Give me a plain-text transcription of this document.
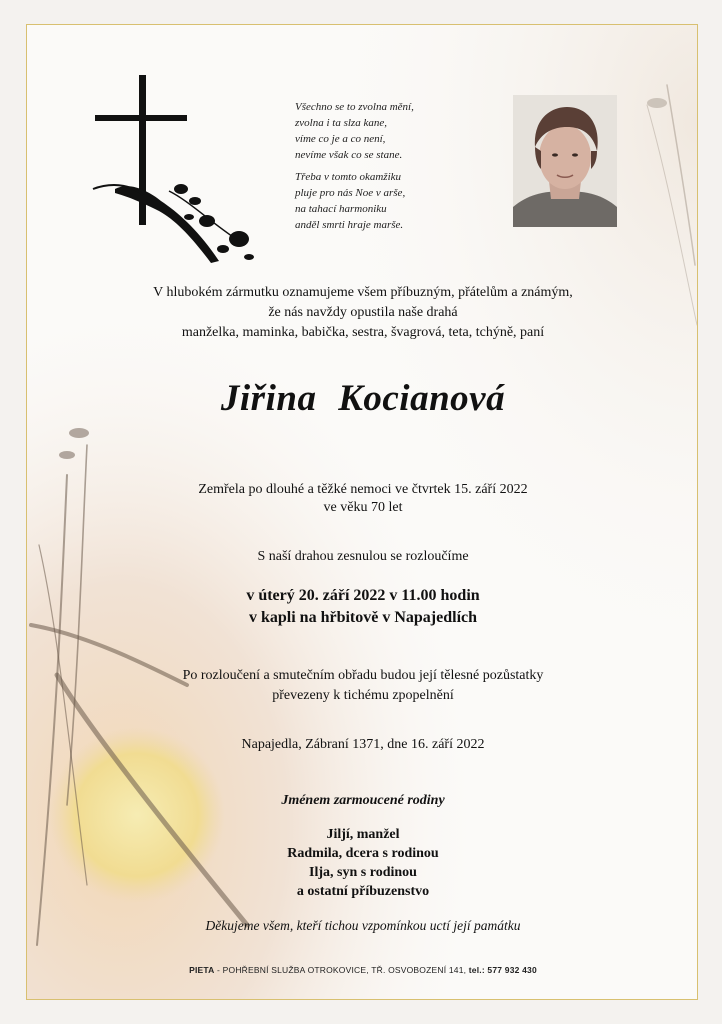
Všechno se to zvolna mění,
zvolna i ta slza kane,
víme co je a co není,
nevíme však co se stane.
Třeba v tomto okamžiku
pluje pro nás Noe v arše,
na tahací harmoniku
anděl smrti hraje marše.
V hlubokém zármutku oznamujeme všem příbuzným, přátelům a známým,
že nás navždy opustila naše drahá
manželka, maminka, babička, sestra, švagrová, teta, tchýně, paní
Jiřina Kocianová
Zemřela po dlouhé a těžké nemoci ve čtvrtek 15. září 2022
ve věku 70 let
S naší drahou zesnulou se rozloučíme
v úterý 20. září 2022 v 11.00 hodin
v kapli na hřbitově v Napajedlích
Po rozloučení a smutečním obřadu budou její tělesné pozůstatky
převezeny k tichému zpopelnění
Napajedla, Zábraní 1371, dne 16. září 2022
Jménem zarmoucené rodiny
Jiljí, manžel
Radmila, dcera s rodinou
Ilja, syn s rodinou
a ostatní příbuzenstvo
Děkujeme všem, kteří tichou vzpomínkou uctí její památku
PIETA - POHŘEBNÍ SLUŽBA OTROKOVICE, TŘ. OSVOBOZENÍ 141, tel.: 577 932 430
